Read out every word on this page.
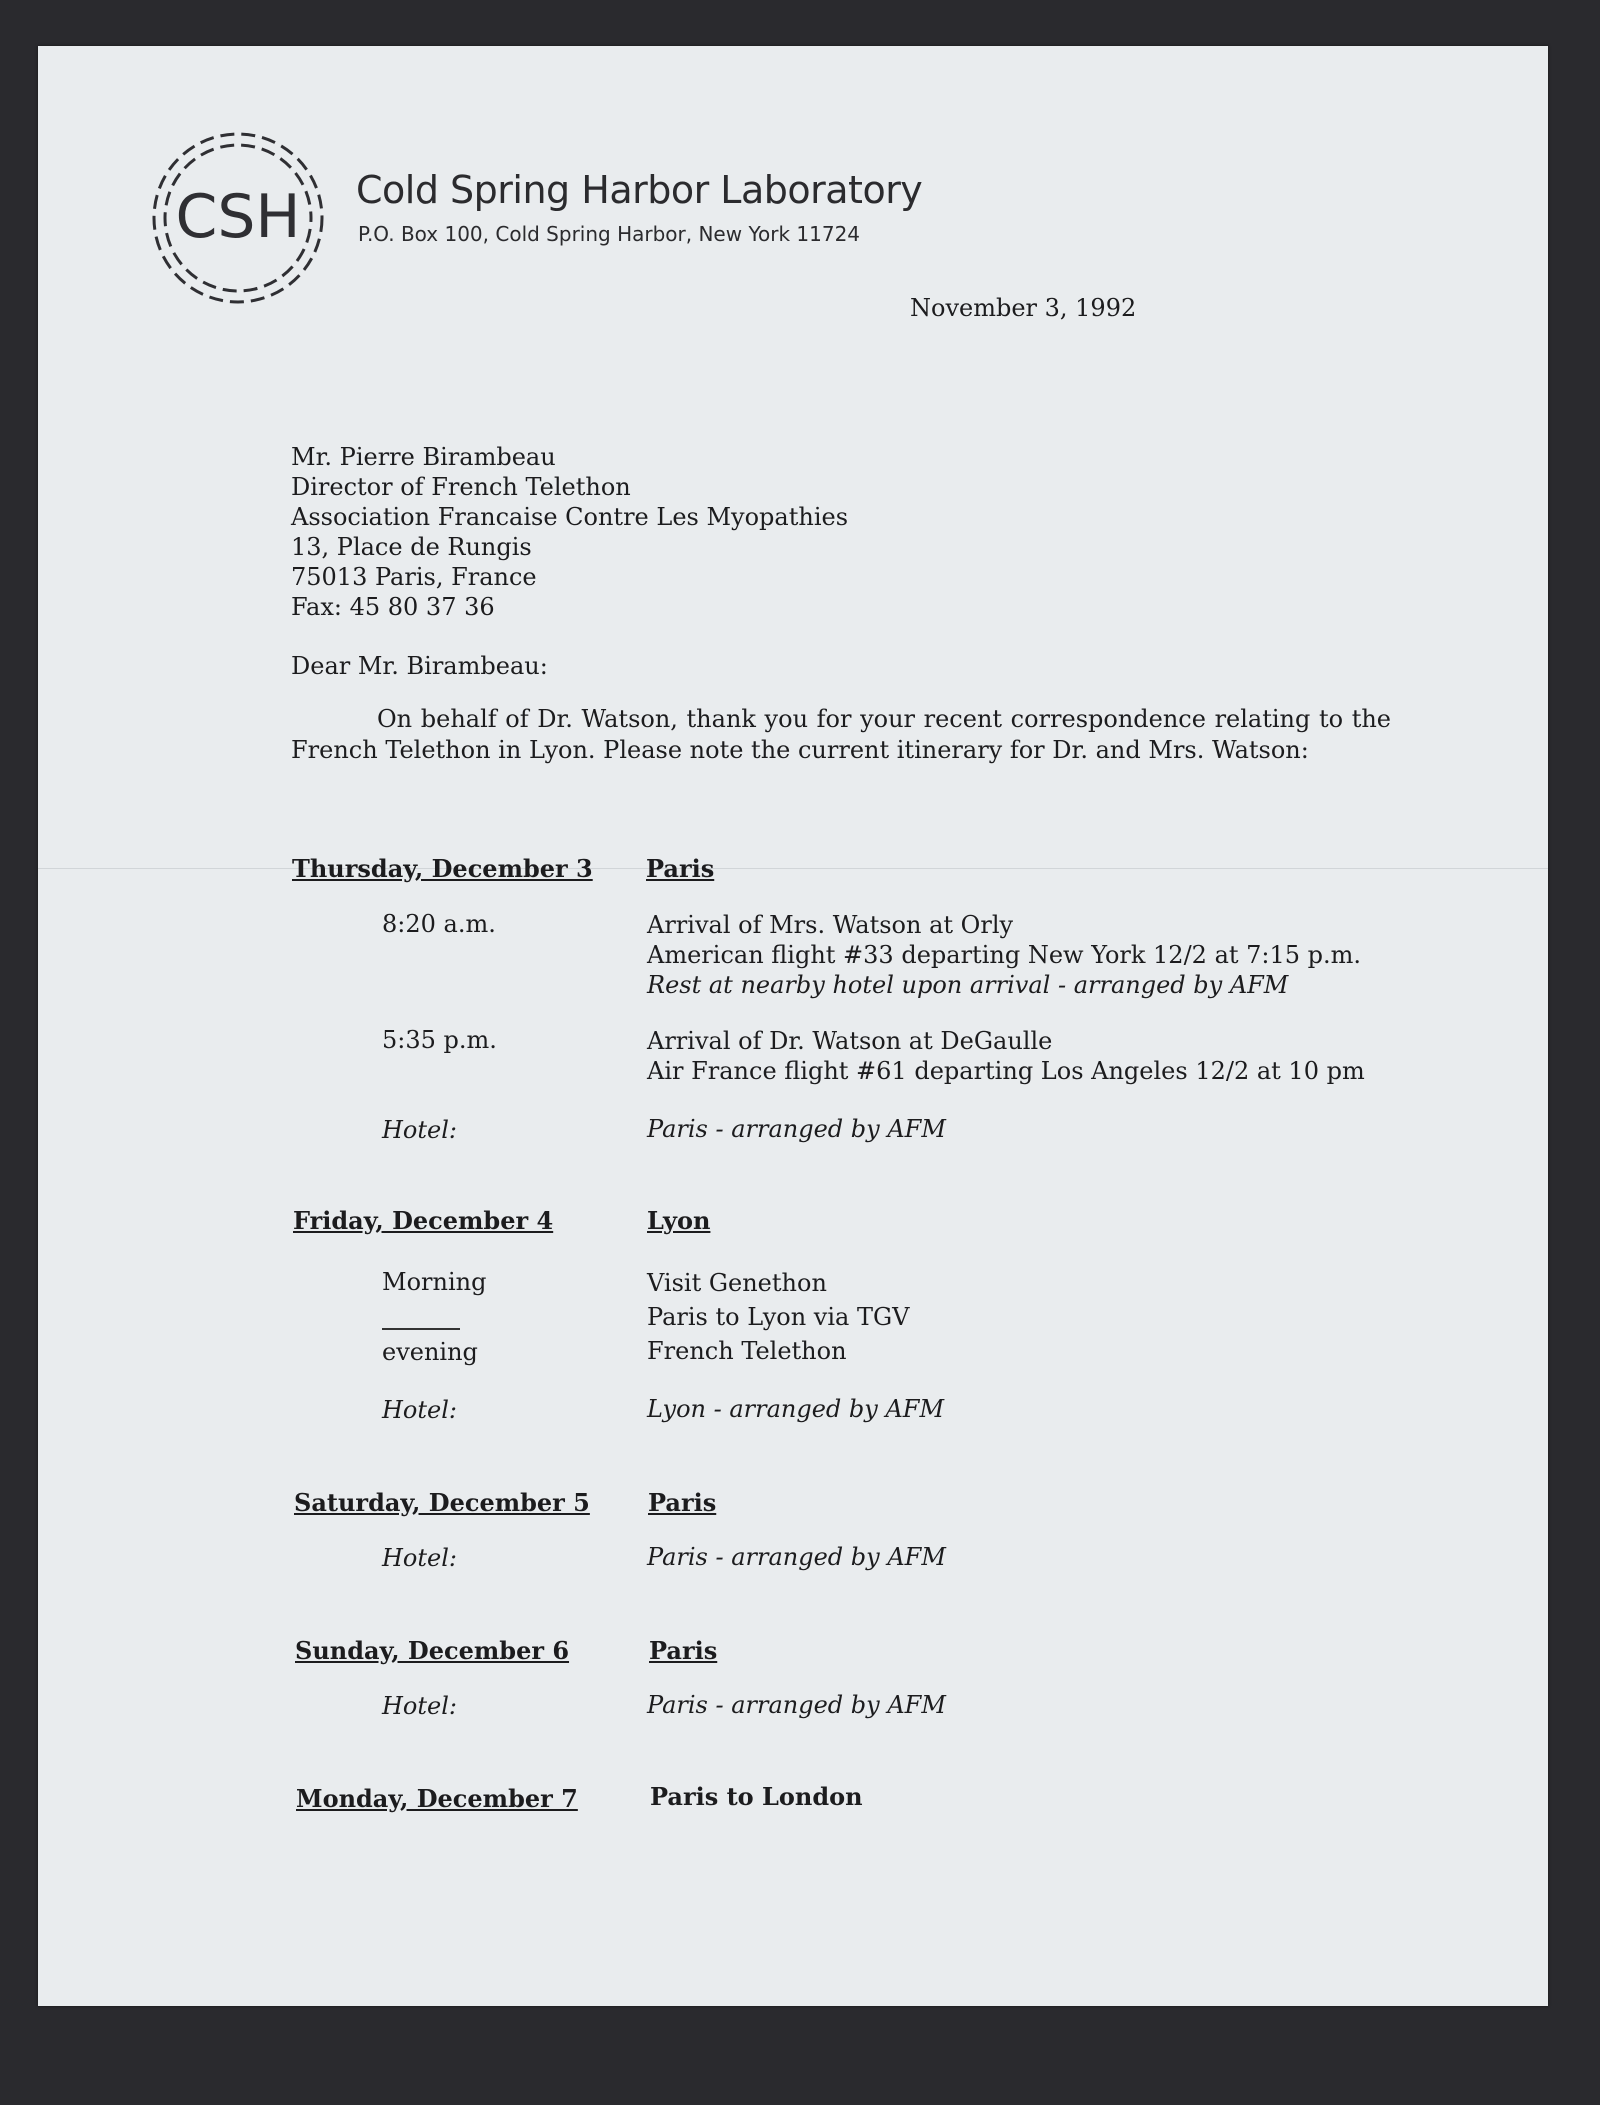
CSH Cold Spring Harbor Laboratory
P.O. Box 100, Cold Spring Harbor, New York 11724
November 3, 1992
Mr. Pierre Birambeau
Director of French Telethon
Association Francaise Contre Les Myopathies
13, Place de Rungis
75013 Paris, France
Fax: 45 80 37 36
Dear Mr. Birambeau:
On behalf of Dr. Watson, thank you for your recent correspondence relating to the French Telethon in Lyon. Please note the current itinerary for Dr. and Mrs. Watson:
Thursday, December 3 Paris
8:20 a.m.	Arrival of Mrs. Watson at Orly
American flight #33 departing New York 12/2 at 7:15 p.m.
Rest at nearby hotel upon arrival - arranged by AFM
5:35 p.m.	Arrival of Dr. Watson at DeGaulle
Air France flight #61 departing Los Angeles 12/2 at 10 pm
Hotel:	Paris - arranged by AFM
Friday, December 4	Lyon
Morning	Visit Genethon
Paris to Lyon via TGV
evening	French Telethon
Hotel:	Lyon - arranged by AFM
Saturday, December 5 Paris
Hotel:	Paris - arranged by AFM
Sunday, December 6	Paris
Hotel:	Paris - arranged by AFM
Monday, December 7	Paris to London
